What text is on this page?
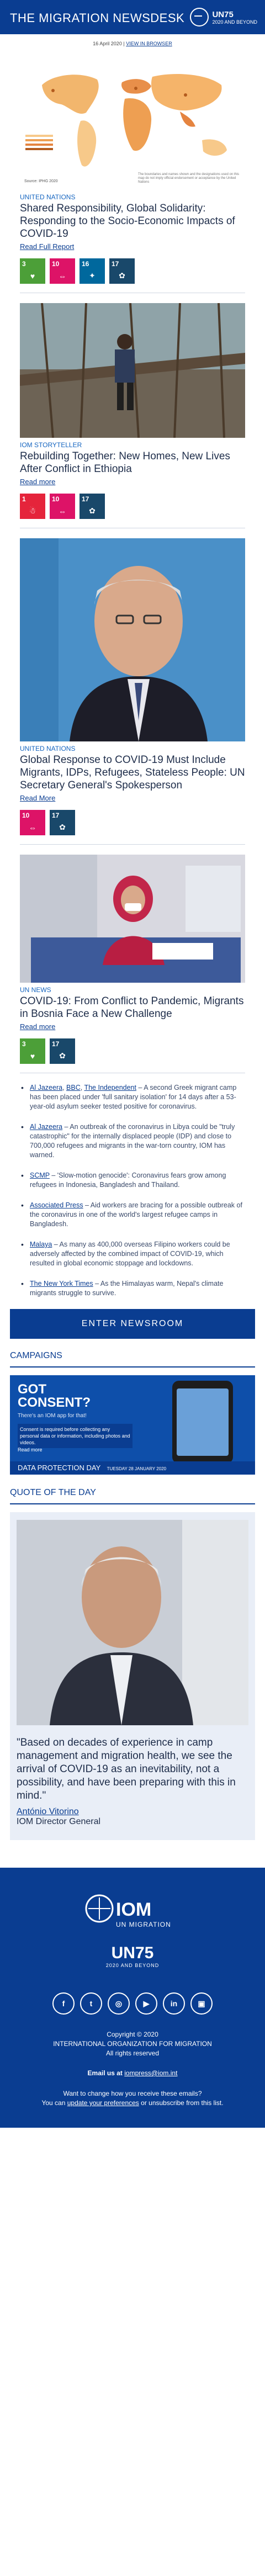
THE MIGRATION NEWSDESK	UN75
2020 AND BEYOND
16 April 2020 | VIEW IN BROWSER
Source: IPHG 2020
The boundaries and names shown and the designations used on this map do not imply official endorsement or acceptance by the United Nations

UNITED NATIONS

Shared Responsibility, Global Solidarity: Responding to the Socio-Economic Impacts of COVID-19

Read Full Report
3
♥
10
⇔
16
✦
17
✿

IOM STORYTELLER

Rebuilding Together: New Homes, New Lives After Conflict in Ethiopia

Read more
1
☃
10
⇔
17
✿

UNITED NATIONS

Global Response to COVID-19 Must Include Migrants, IDPs, Refugees, Stateless People: UN Secretary General's Spokesperson

Read More
10
⇔
17
✿

UN NEWS

COVID-19: From Conflict to Pandemic, Migrants in Bosnia Face a New Challenge

Read more
3
♥
17
✿
• Al Jazeera, BBC, The Independent – A second Greek migrant camp has been placed under 'full sanitary isolation' for 14 days after a 53-year-old asylum seeker tested positive for coronavirus.
• Al Jazeera – An outbreak of the coronavirus in Libya could be "truly catastrophic" for the internally displaced people (IDP) and close to 700,000 refugees and migrants in the war-torn country, IOM has warned.
• SCMP – 'Slow-motion genocide': Coronavirus fears grow among refugees in Indonesia, Bangladesh and Thailand.
• Associated Press – Aid workers are bracing for a possible outbreak of the coronavirus in one of the world's largest refugee camps in Bangladesh.
• Malaya – As many as 400,000 overseas Filipino workers could be adversely affected by the combined impact of COVID-19, which resulted in global economic stoppage and lockdowns.
• The New York Times – As the Himalayas warm, Nepal's climate migrants struggle to survive.
ENTER NEWSROOM
CAMPAIGNS
GOT
CONSENT?
There's an IOM app for that!
Consent is required before collecting any personal data or information, including photos and videos.
Read more
DATA PROTECTION DAY TUESDAY 28 JANUARY 2020
QUOTE OF THE DAY

"Based on decades of experience in camp management and migration health, we see the arrival of COVID-19 as an inevitability, not a possibility, and have been preparing with this in mind."

António Vitorino

IOM Director General

IOM
UN MIGRATION
UN75
2020 AND BEYOND
f	t	◎	▶	in	▣

Copyright © 2020

INTERNATIONAL ORGANIZATION FOR MIGRATION

All rights reserved

Email us at iompress@iom.int

Want to change how you receive these emails?

You can update your preferences or unsubscribe from this list.
